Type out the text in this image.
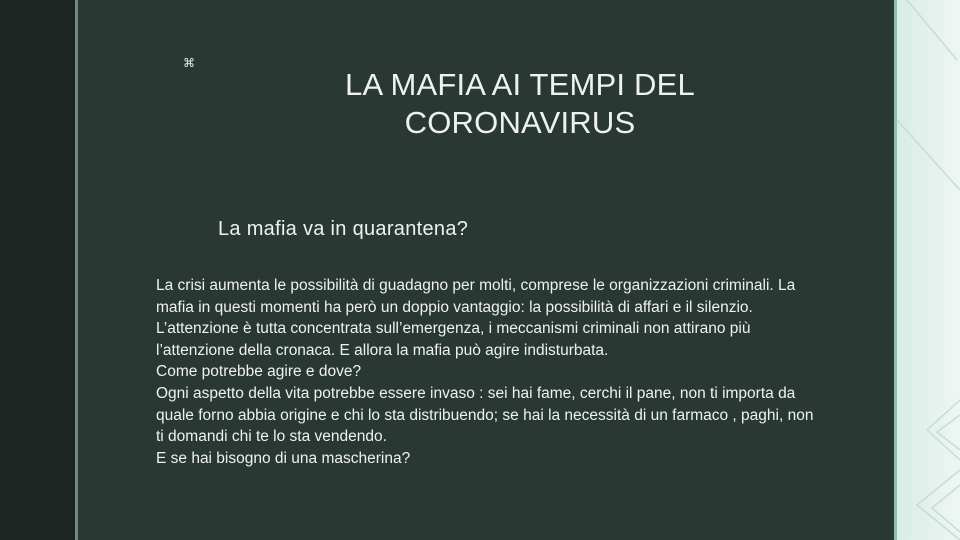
⌘
LA MAFIA AI TEMPI DEL
CORONAVIRUS
La mafia va in quarantena?

La crisi aumenta le possibilità di guadagno per molti, comprese le organizzazioni criminali. La mafia in questi momenti ha però un doppio vantaggio: la possibilità di affari e il silenzio. L’attenzione è tutta concentrata sull’emergenza, i meccanismi criminali non attirano più l’attenzione della cronaca. E allora la mafia può agire indisturbata.

Come potrebbe agire e dove?

Ogni aspetto della vita potrebbe essere invaso : sei hai fame, cerchi il pane, non ti importa da quale forno abbia origine e chi lo sta distribuendo; se hai la necessità di un farmaco , paghi, non ti domandi chi te lo sta vendendo.

E se hai bisogno di una mascherina?
